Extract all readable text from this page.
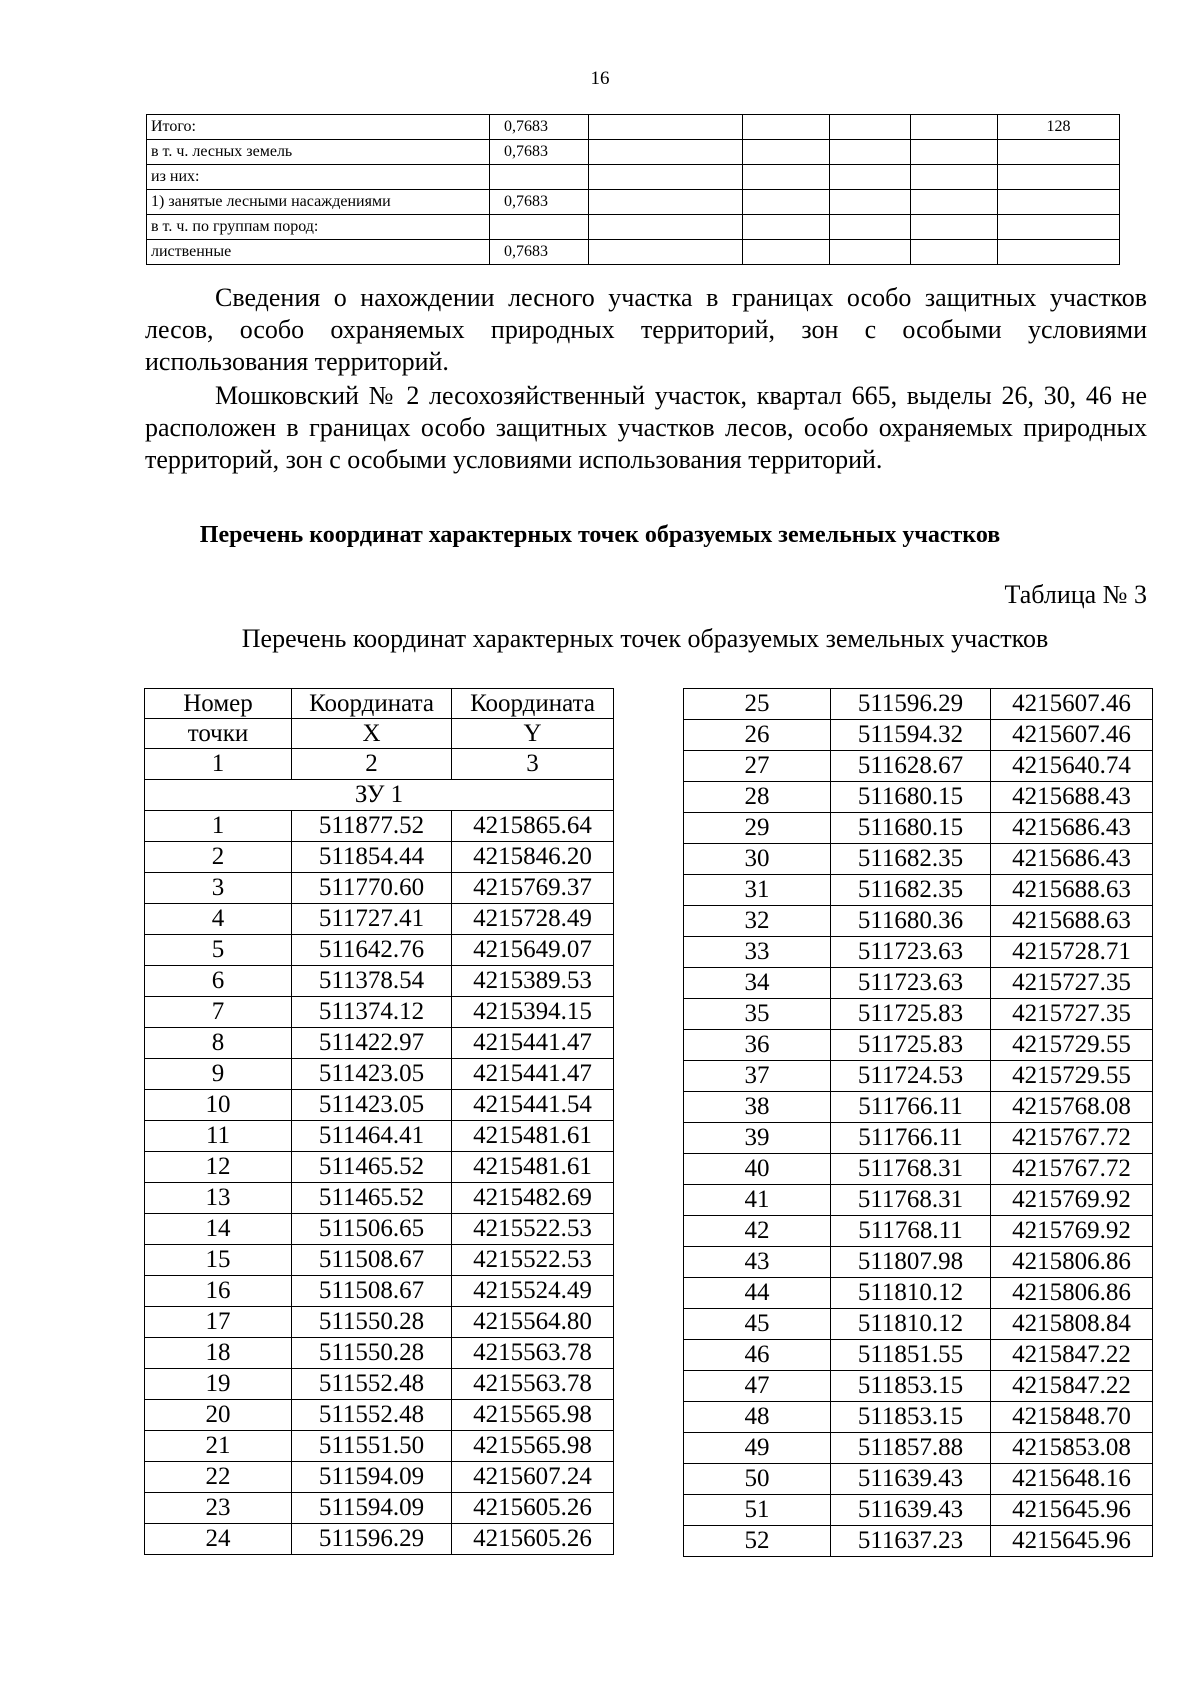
16
Итого:	0,7683					128
в т. ч. лесных земель	0,7683					
из них:						
1) занятые лесными насаждениями	0,7683					
в т. ч. по группам пород:						
лиственные	0,7683					

Сведения о нахождении лесного участка в границах особо защитных участков лесов, особо охраняемых природных территорий, зон с особыми условиями использования территорий.

Мошковский № 2 лесохозяйственный участок, квартал 665, выделы 26, 30, 46 не расположен в границах особо защитных участков лесов, особо охраняемых природных территорий, зон с особыми условиями использования территорий.

Перечень координат характерных точек образуемых земельных участков
Таблица № 3
Перечень координат характерных точек образуемых земельных участков
Номер	Координата	Координата
точки	X	Y
1	2	3
ЗУ 1		
1	511877.52	4215865.64
2	511854.44	4215846.20
3	511770.60	4215769.37
4	511727.41	4215728.49
5	511642.76	4215649.07
6	511378.54	4215389.53
7	511374.12	4215394.15
8	511422.97	4215441.47
9	511423.05	4215441.47
10	511423.05	4215441.54
11	511464.41	4215481.61
12	511465.52	4215481.61
13	511465.52	4215482.69
14	511506.65	4215522.53
15	511508.67	4215522.53
16	511508.67	4215524.49
17	511550.28	4215564.80
18	511550.28	4215563.78
19	511552.48	4215563.78
20	511552.48	4215565.98
21	511551.50	4215565.98
22	511594.09	4215607.24
23	511594.09	4215605.26
24	511596.29	4215605.26
25	511596.29	4215607.46
26	511594.32	4215607.46
27	511628.67	4215640.74
28	511680.15	4215688.43
29	511680.15	4215686.43
30	511682.35	4215686.43
31	511682.35	4215688.63
32	511680.36	4215688.63
33	511723.63	4215728.71
34	511723.63	4215727.35
35	511725.83	4215727.35
36	511725.83	4215729.55
37	511724.53	4215729.55
38	511766.11	4215768.08
39	511766.11	4215767.72
40	511768.31	4215767.72
41	511768.31	4215769.92
42	511768.11	4215769.92
43	511807.98	4215806.86
44	511810.12	4215806.86
45	511810.12	4215808.84
46	511851.55	4215847.22
47	511853.15	4215847.22
48	511853.15	4215848.70
49	511857.88	4215853.08
50	511639.43	4215648.16
51	511639.43	4215645.96
52	511637.23	4215645.96
